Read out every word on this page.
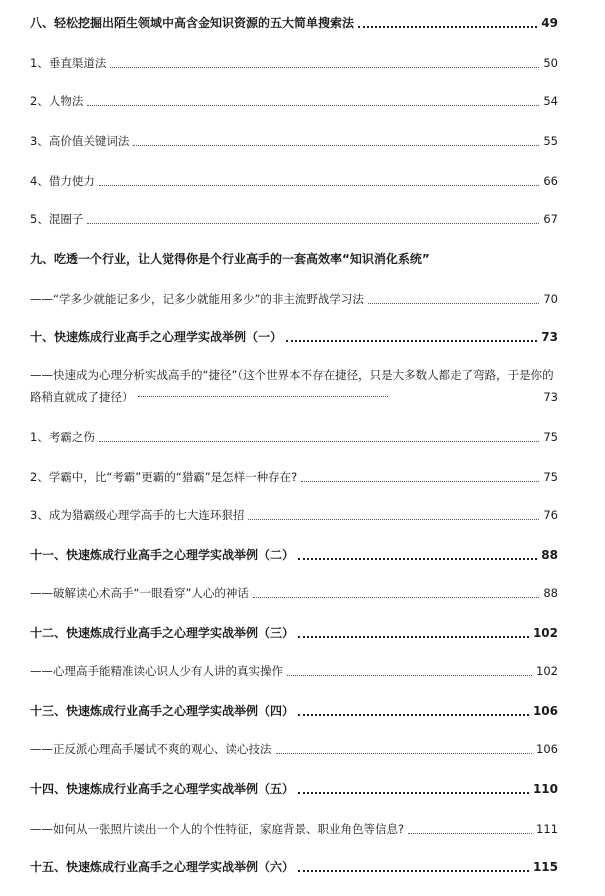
八、轻松挖掘出陌生领域中高含金知识资源的五大简单搜索法	49
1、垂直渠道法	50
2、人物法	54
3、高价值关键词法	55
4、借力使力	66
5、混圈子	67
九、吃透一个行业，让人觉得你是个行业高手的一套高效率“知识消化系统”
——“学多少就能记多少，记多少就能用多少”的非主流野战学习法	70
十、快速炼成行业高手之心理学实战举例（一）	73
——快速成为心理分析实战高手的“捷径”（这个世界本不存在捷径，只是大多数人都走了弯路，于是你的路稍直就成了捷径）	73
1、考霸之伤	75
2、学霸中，比“考霸”更霸的“猎霸”是怎样一种存在?	75
3、成为猎霸级心理学高手的七大连环狠招	76
十一、快速炼成行业高手之心理学实战举例（二）	88
——破解读心术高手“一眼看穿”人心的神话	88
十二、快速炼成行业高手之心理学实战举例（三）	102
——心理高手能精准读心识人少有人讲的真实操作	102
十三、快速炼成行业高手之心理学实战举例（四）	106
——正反派心理高手屡试不爽的观心、读心技法	106
十四、快速炼成行业高手之心理学实战举例（五）	110
——如何从一张照片读出一个人的个性特征，家庭背景、职业角色等信息?	111
十五、快速炼成行业高手之心理学实战举例（六）	115
